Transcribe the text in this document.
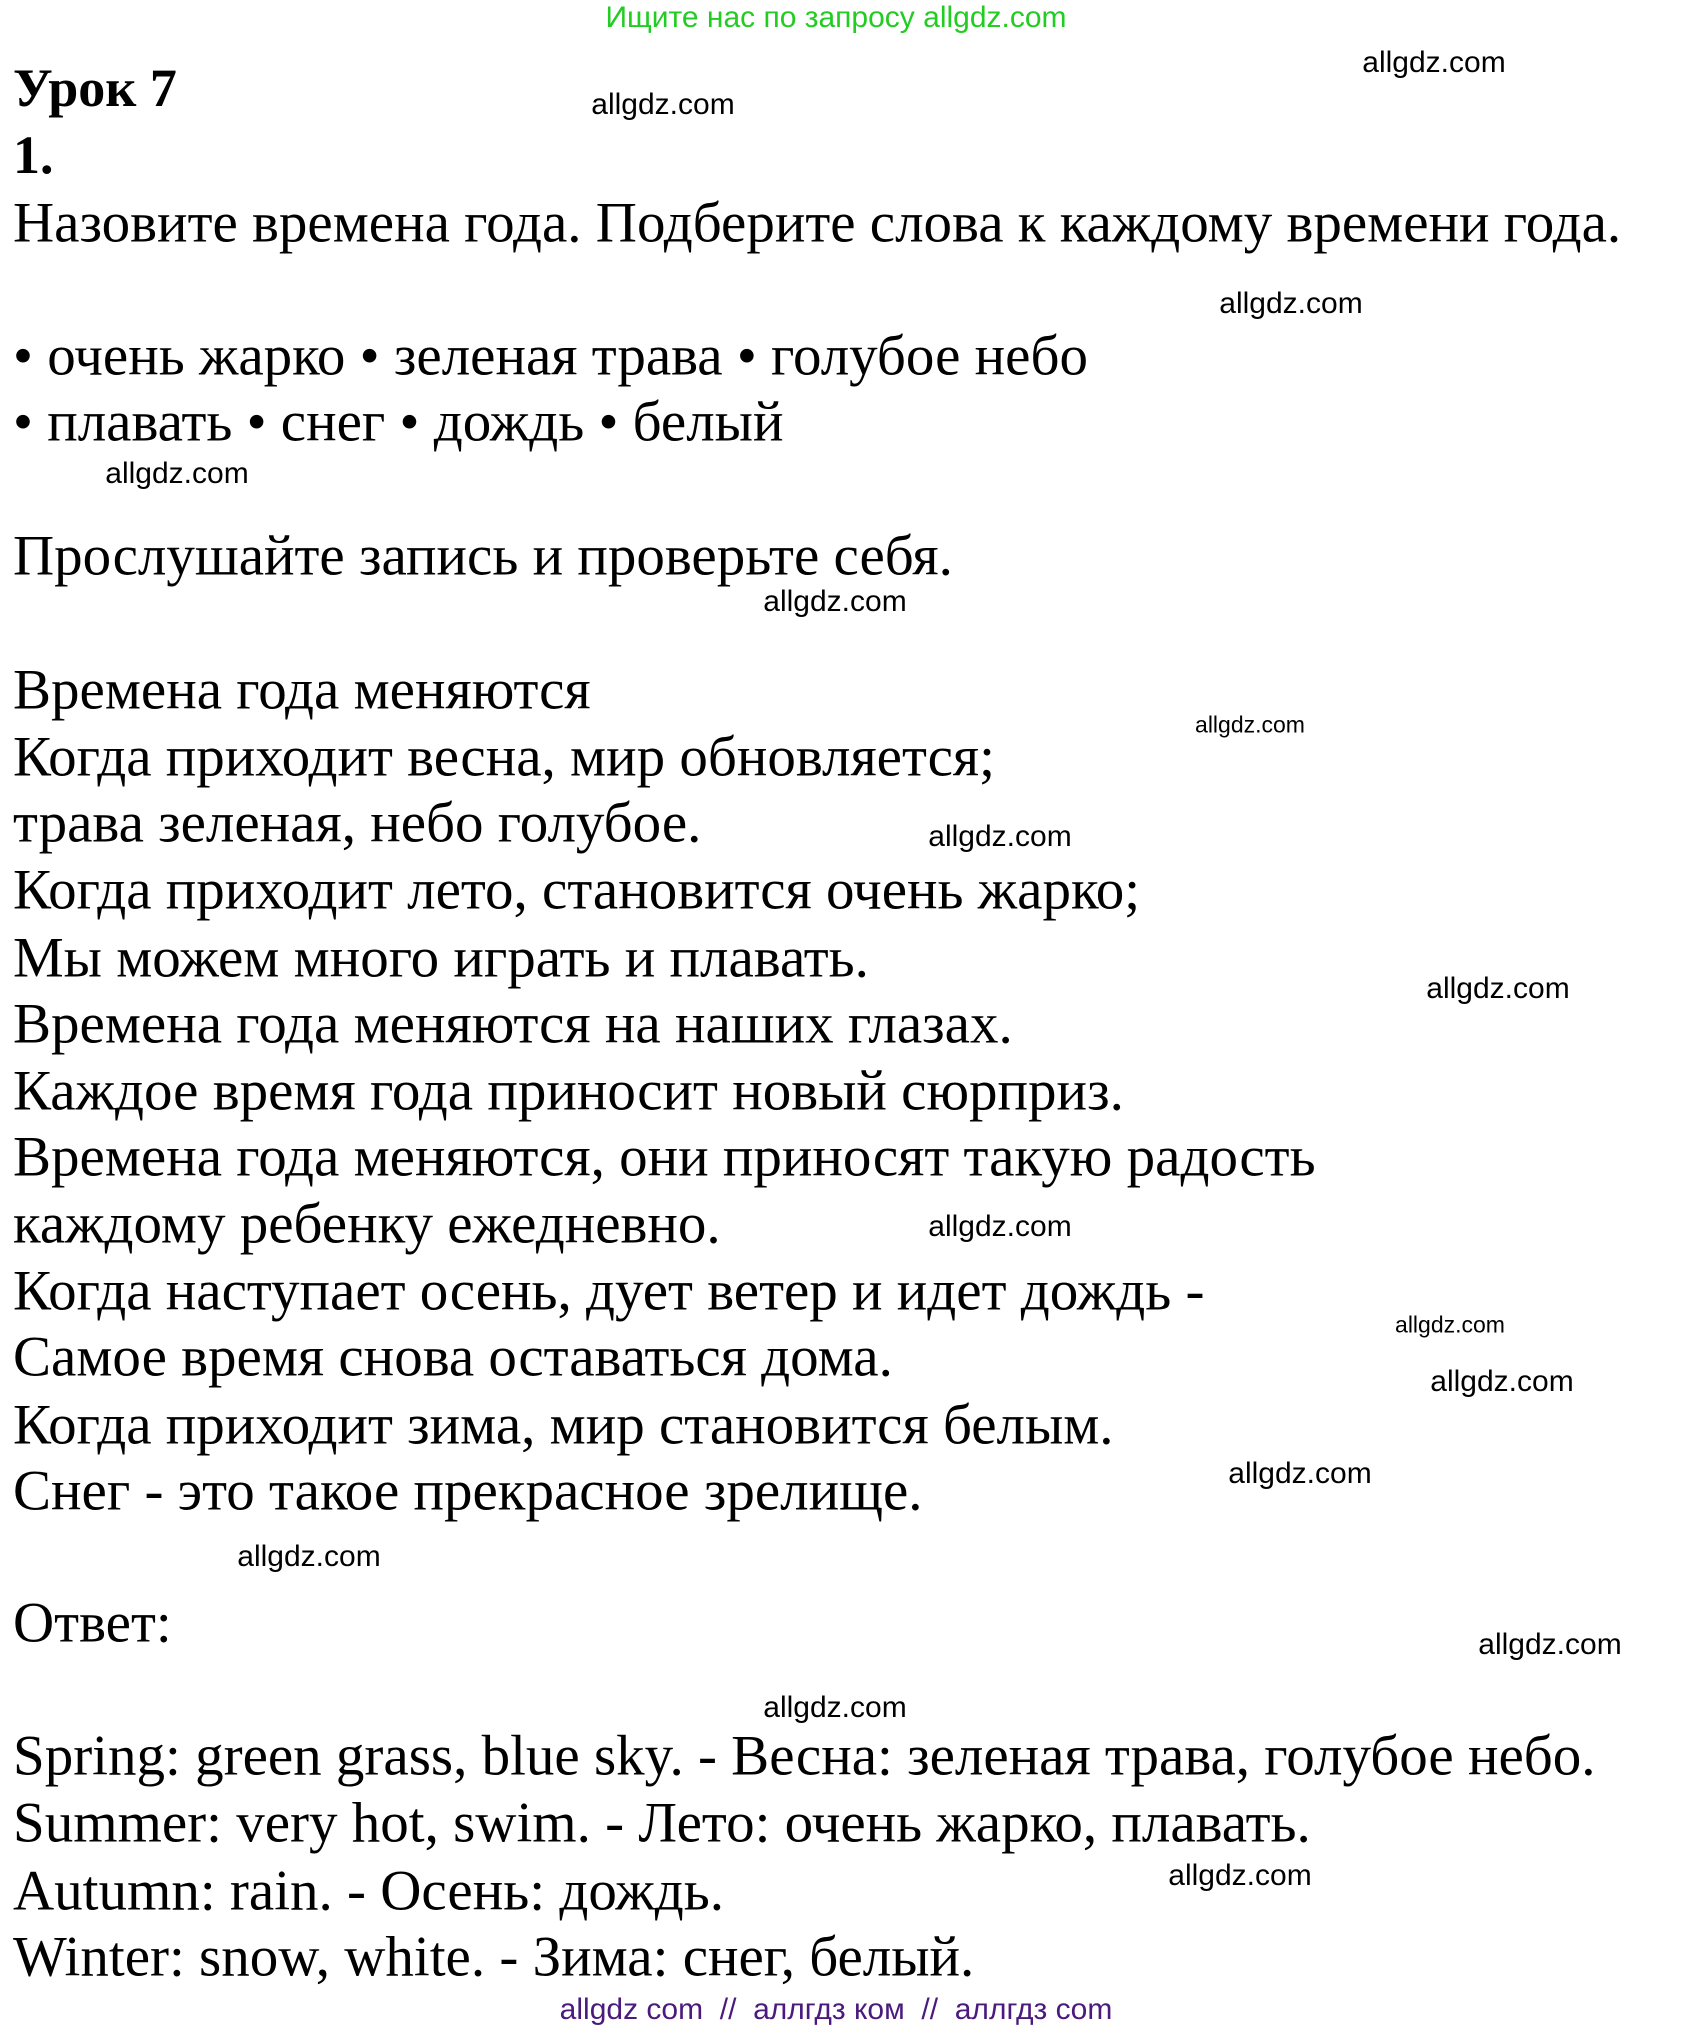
Ищите нас по запросу allgdz.com
Урок 7
1.
Назовите времена года. Подберите слова к каждому времени года.
• очень жарко • зеленая трава • голубое небо
• плавать • снег • дождь • белый
Прослушайте запись и проверьте себя.
Времена года меняются
Когда приходит весна, мир обновляется;
трава зеленая, небо голубое.
Когда приходит лето, становится очень жарко;
Мы можем много играть и плавать.
Времена года меняются на наших глазах.
Каждое время года приносит новый сюрприз.
Времена года меняются, они приносят такую радость
каждому ребенку ежедневно.
Когда наступает осень, дует ветер и идет дождь -
Самое время снова оставаться дома.
Когда приходит зима, мир становится белым.
Снег - это такое прекрасное зрелище.
Ответ:
Spring: green grass, blue sky. - Весна: зеленая трава, голубое небо.
Summer: very hot, swim. - Лето: очень жарко, плавать.
Autumn: rain. - Осень: дождь.
Winter: snow, white. - Зима: снег, белый.
allgdz.com
allgdz.com
allgdz.com
allgdz.com
allgdz.com
allgdz.com
allgdz.com
allgdz.com
allgdz.com
allgdz.com
allgdz.com
allgdz.com
allgdz.com
allgdz.com
allgdz.com
allgdz.com
allgdz com  //  аллгдз ком  //  аллгдз com
